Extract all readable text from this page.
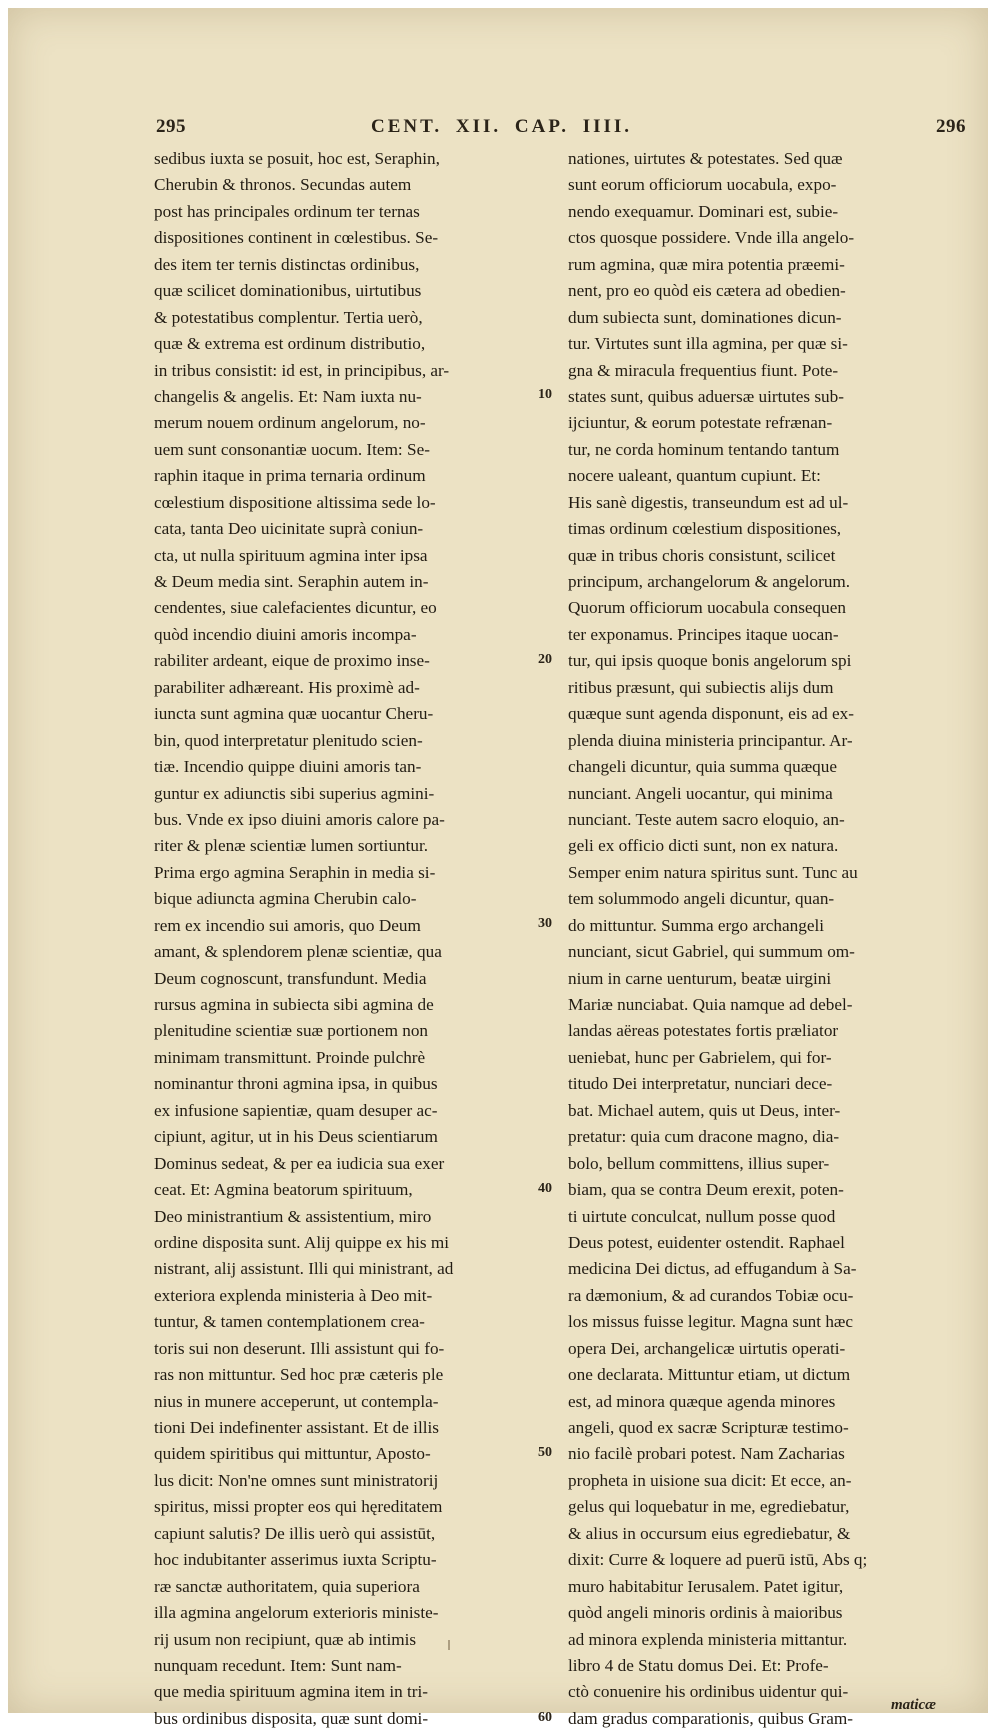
295	CENT. XII. CAP. IIII.	296
sedibus iuxta se posuit, hoc est, Seraphin,
Cherubin & thronos. Secundas autem
post has principales ordinum ter ternas
dispositiones continent in cœlestibus. Se-
des item ter ternis distinctas ordinibus,
quæ scilicet dominationibus, uirtutibus
& potestatibus complentur. Tertia uerò,
quæ & extrema est ordinum distributio,
in tribus consistit: id est, in principibus, ar-
changelis & angelis. Et: Nam iuxta nu-
merum nouem ordinum angelorum, no-
uem sunt consonantiæ uocum. Item: Se-
raphin itaque in prima ternaria ordinum
cœlestium dispositione altissima sede lo-
cata, tanta Deo uicinitate suprà coniun-
cta, ut nulla spirituum agmina inter ipsa
& Deum media sint. Seraphin autem in-
cendentes, siue calefacientes dicuntur, eo
quòd incendio diuini amoris incompa-
rabiliter ardeant, eique de proximo inse-
parabiliter adhæreant. His proximè ad-
iuncta sunt agmina quæ uocantur Cheru-
bin, quod interpretatur plenitudo scien-
tiæ. Incendio quippe diuini amoris tan-
guntur ex adiunctis sibi superius agmini-
bus. Vnde ex ipso diuini amoris calore pa-
riter & plenæ scientiæ lumen sortiuntur.
Prima ergo agmina Seraphin in media si-
bique adiuncta agmina Cherubin calo-
rem ex incendio sui amoris, quo Deum
amant, & splendorem plenæ scientiæ, qua
Deum cognoscunt, transfundunt. Media
rursus agmina in subiecta sibi agmina de
plenitudine scientiæ suæ portionem non
minimam transmittunt. Proinde pulchrè
nominantur throni agmina ipsa, in quibus
ex infusione sapientiæ, quam desuper ac-
cipiunt, agitur, ut in his Deus scientiarum
Dominus sedeat, & per ea iudicia sua exer
ceat. Et: Agmina beatorum spirituum,
Deo ministrantium & assistentium, miro
ordine disposita sunt. Alij quippe ex his mi
nistrant, alij assistunt. Illi qui ministrant, ad
exteriora explenda ministeria à Deo mit-
tuntur, & tamen contemplationem crea-
toris sui non deserunt. Illi assistunt qui fo-
ras non mittuntur. Sed hoc præ cæteris ple
nius in munere acceperunt, ut contempla-
tioni Dei indefinenter assistant. Et de illis
quidem spiritibus qui mittuntur, Aposto-
lus dicit: Non'ne omnes sunt ministratorij
spiritus, missi propter eos qui hęreditatem
capiunt salutis? De illis uerò qui assistūt,
hoc indubitanter asserimus iuxta Scriptu-
ræ sanctæ authoritatem, quia superiora
illa agmina angelorum exterioris ministe-
rij usum non recipiunt, quæ ab intimis
nunquam recedunt. Item: Sunt nam-
que media spirituum agmina item in tri-
bus ordinibus disposita, quæ sunt domi-
10
20
30
40
50
60
nationes, uirtutes & potestates. Sed quæ
sunt eorum officiorum uocabula, expo-
nendo exequamur. Dominari est, subie-
ctos quosque possidere. Vnde illa angelo-
rum agmina, quæ mira potentia præemi-
nent, pro eo quòd eis cætera ad obedien-
dum subiecta sunt, dominationes dicun-
tur. Virtutes sunt illa agmina, per quæ si-
gna & miracula frequentius fiunt. Pote-
states sunt, quibus aduersæ uirtutes sub-
ijciuntur, & eorum potestate refrænan-
tur, ne corda hominum tentando tantum
nocere ualeant, quantum cupiunt. Et:
His sanè digestis, transeundum est ad ul-
timas ordinum cœlestium dispositiones,
quæ in tribus choris consistunt, scilicet
principum, archangelorum & angelorum.
Quorum officiorum uocabula consequen
ter exponamus. Principes itaque uocan-
tur, qui ipsis quoque bonis angelorum spi
ritibus præsunt, qui subiectis alijs dum
quæque sunt agenda disponunt, eis ad ex-
plenda diuina ministeria principantur. Ar-
changeli dicuntur, quia summa quæque
nunciant. Angeli uocantur, qui minima
nunciant. Teste autem sacro eloquio, an-
geli ex officio dicti sunt, non ex natura.
Semper enim natura spiritus sunt. Tunc au
tem solummodo angeli dicuntur, quan-
do mittuntur. Summa ergo archangeli
nunciant, sicut Gabriel, qui summum om-
nium in carne uenturum, beatæ uirgini
Mariæ nunciabat. Quia namque ad debel-
landas aëreas potestates fortis præliator
ueniebat, hunc per Gabrielem, qui for-
titudo Dei interpretatur, nunciari dece-
bat. Michael autem, quis ut Deus, inter-
pretatur: quia cum dracone magno, dia-
bolo, bellum committens, illius super-
biam, qua se contra Deum erexit, poten-
ti uirtute conculcat, nullum posse quod
Deus potest, euidenter ostendit. Raphael
medicina Dei dictus, ad effugandum à Sa-
ra dæmonium, & ad curandos Tobiæ ocu-
los missus fuisse legitur. Magna sunt hæc
opera Dei, archangelicæ uirtutis operati-
one declarata. Mittuntur etiam, ut dictum
est, ad minora quæque agenda minores
angeli, quod ex sacræ Scripturæ testimo-
nio facilè probari potest. Nam Zacharias
propheta in uisione sua dicit: Et ecce, an-
gelus qui loquebatur in me, egrediebatur,
& alius in occursum eius egrediebatur, &
dixit: Curre & loquere ad puerū istū, Abs q;
muro habitabitur Ierusalem. Patet igitur,
quòd angeli minoris ordinis à maioribus
ad minora explenda ministeria mittantur.
libro 4 de Statu domus Dei. Et: Profe-
ctò conuenire his ordinibus uidentur qui-
dam gradus comparationis, quibus Gram-
maticæ
